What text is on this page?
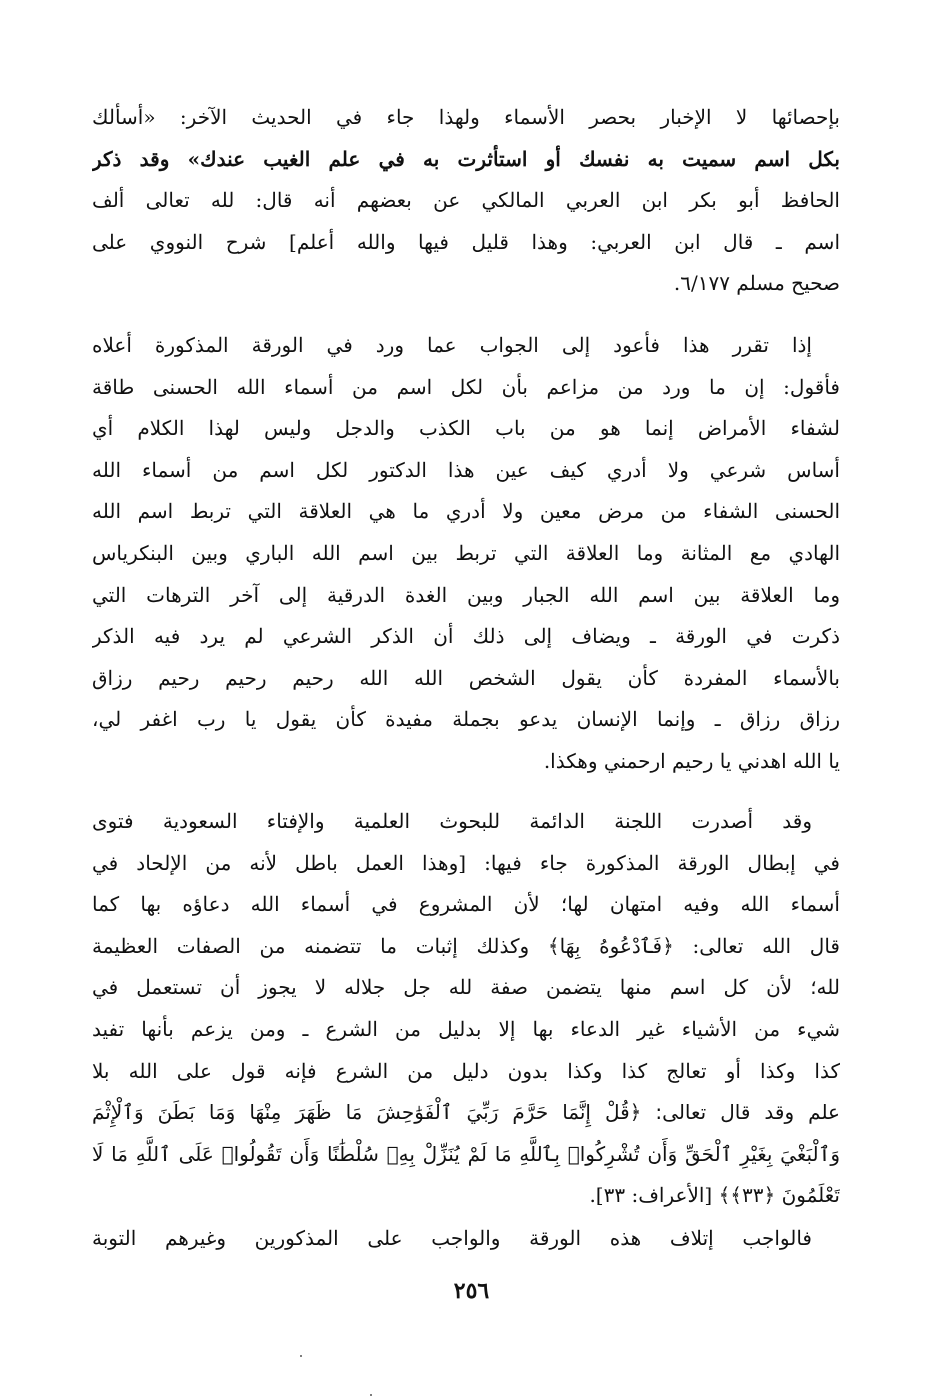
بإحصائها لا الإخبار بحصر الأسماء ولهذا جاء في الحديث الآخر: «أسألك
بكل اسم سميت به نفسك أو استأثرت به في علم الغيب عندك» وقد ذكر
الحافظ أبو بكر ابن العربي المالكي عن بعضهم أنه قال: لله تعالى ألف
اسم ـ قال ابن العربي: وهذا قليل فيها والله أعلم] شرح النووي على
صحيح مسلم ٦/١٧٧.

إذا تقرر هذا فأعود إلى الجواب عما ورد في الورقة المذكورة أعلاه
فأقول: إن ما ورد من مزاعم بأن لكل اسم من أسماء الله الحسنى طاقة
لشفاء الأمراض إنما هو من باب الكذب والدجل وليس لهذا الكلام أي
أساس شرعي ولا أدري كيف عين هذا الدكتور لكل اسم من أسماء الله
الحسنى الشفاء من مرض معين ولا أدري ما هي العلاقة التي تربط اسم الله
الهادي مع المثانة وما العلاقة التي تربط بين اسم الله الباري وبين البنكرياس
وما العلاقة بين اسم الله الجبار وبين الغدة الدرقية إلى آخر الترهات التي
ذكرت في الورقة ـ ويضاف إلى ذلك أن الذكر الشرعي لم يرد فيه الذكر
بالأسماء المفردة كأن يقول الشخص الله الله رحيم رحيم رحيم رزاق
رزاق رزاق ـ وإنما الإنسان يدعو بجملة مفيدة كأن يقول يا رب اغفر لي،
يا الله اهدني يا رحيم ارحمني وهكذا.

وقد أصدرت اللجنة الدائمة للبحوث العلمية والإفتاء السعودية فتوى
في إبطال الورقة المذكورة جاء فيها: [وهذا العمل باطل لأنه من الإلحاد في
أسماء الله وفيه امتهان لها؛ لأن المشروع في أسماء الله دعاؤه بها كما
قال الله تعالى: ﴿فَٱدْعُوهُ بِهَا﴾ وكذلك إثبات ما تتضمنه من الصفات العظيمة
لله؛ لأن كل اسم منها يتضمن صفة لله جل جلاله لا يجوز أن تستعمل في
شيء من الأشياء غير الدعاء بها إلا بدليل من الشرع ـ ومن يزعم بأنها تفيد
كذا وكذا أو تعالج كذا وكذا بدون دليل من الشرع فإنه قول على الله بلا
علم وقد قال تعالى: ﴿قُلْ إِنَّمَا حَرَّمَ رَبِّيَ ٱلْفَوَٰحِشَ مَا ظَهَرَ مِنْهَا وَمَا بَطَنَ وَٱلْإِثْمَ
وَٱلْبَغْيَ بِغَيْرِ ٱلْحَقِّ وَأَن تُشْرِكُوا۟ بِٱللَّهِ مَا لَمْ يُنَزِّلْ بِهِۦ سُلْطَٰنًا وَأَن تَقُولُوا۟ عَلَى ٱللَّهِ مَا لَا
تَعْلَمُونَ ﴿٣٣﴾﴾ [الأعراف: ٣٣].

فالواجب إتلاف هذه الورقة والواجب على المذكورين وغيرهم التوبة

٢٥٦
